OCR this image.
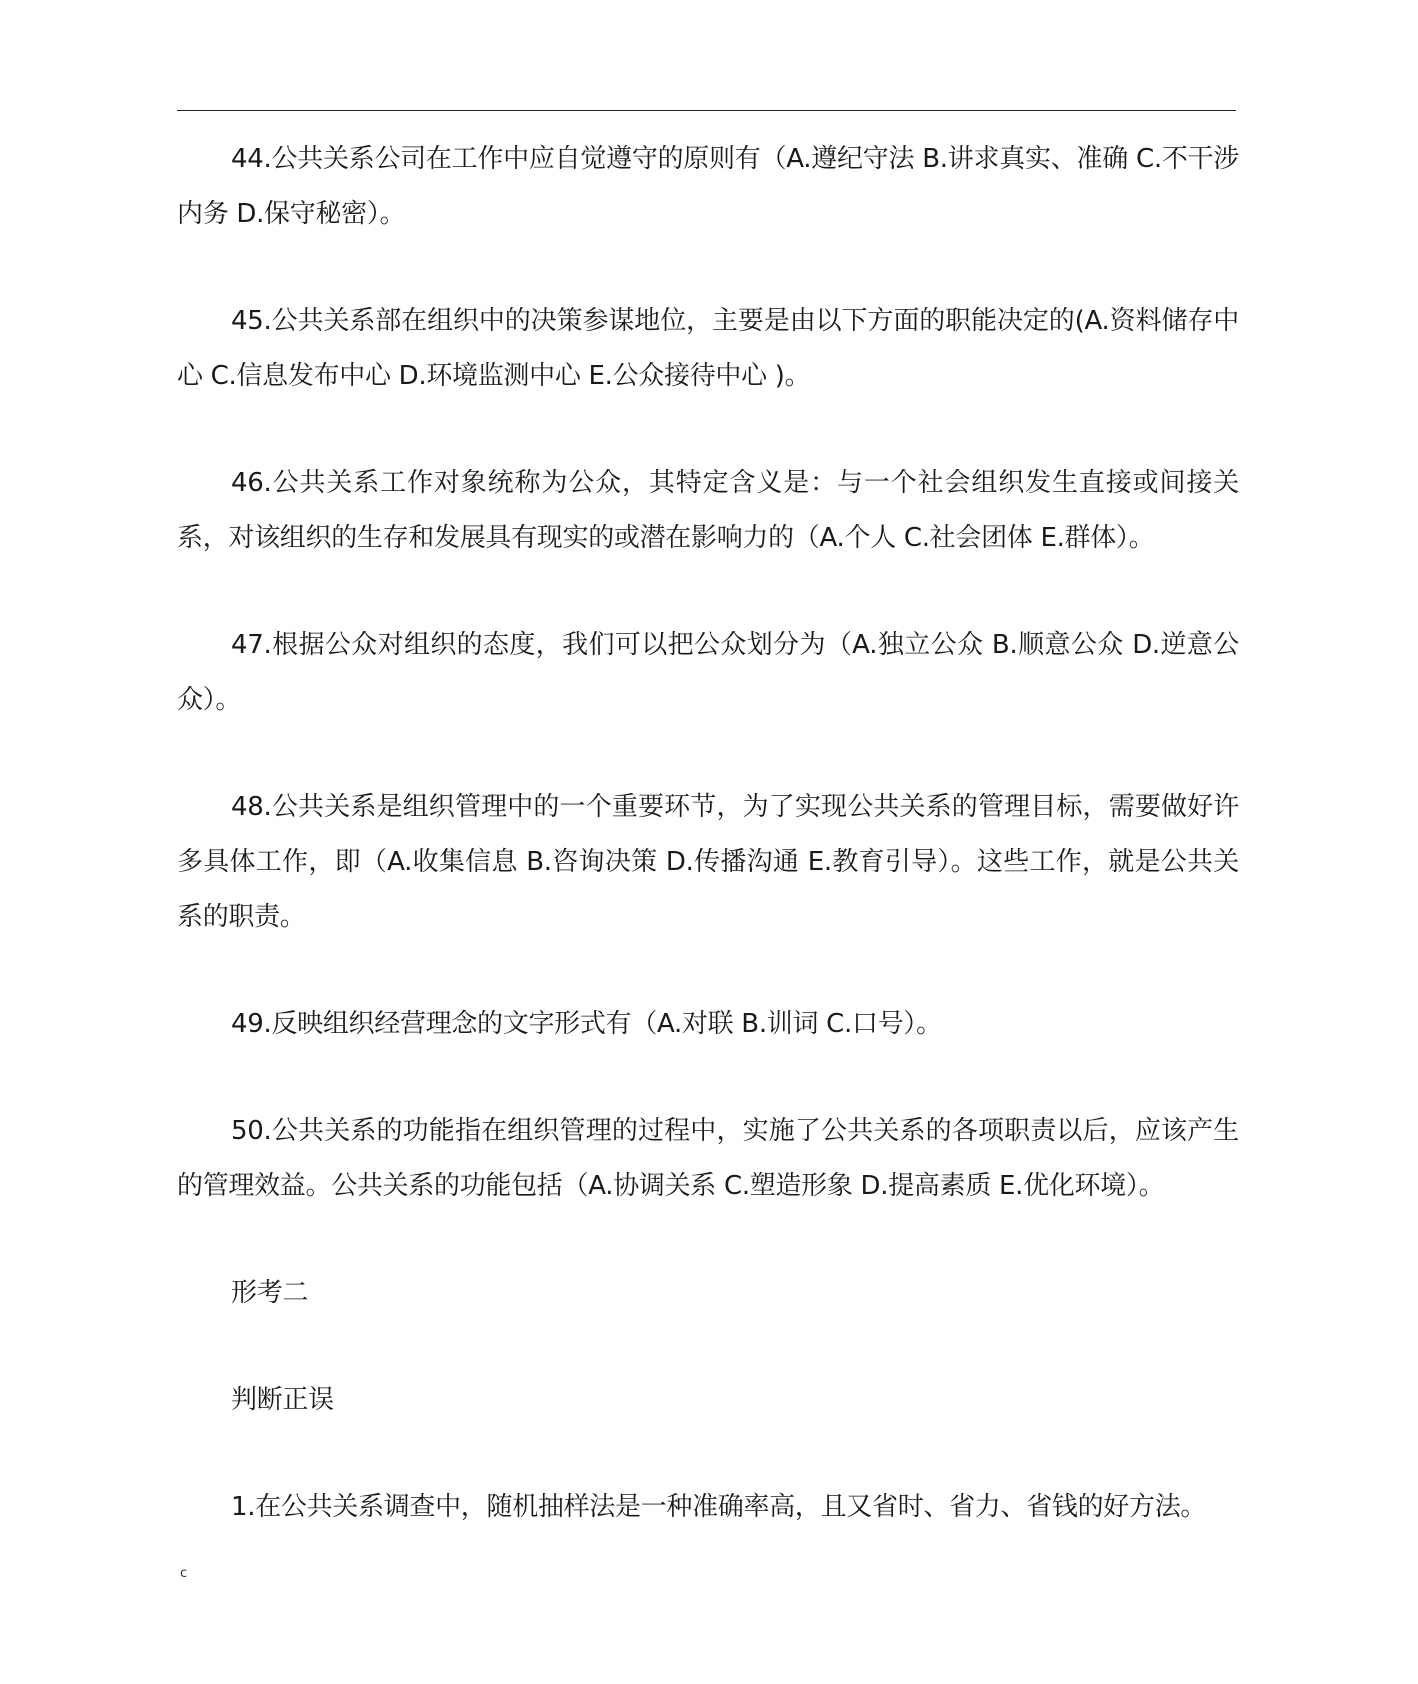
44.公共关系公司在工作中应自觉遵守的原则有（A.遵纪守法 B.讲求真实、准确 C.不干涉内务 D.保守秘密）。

45.公共关系部在组织中的决策参谋地位，主要是由以下方面的职能决定的(A.资料储存中心 C.信息发布中心 D.环境监测中心 E.公众接待中心 )。

46.公共关系工作对象统称为公众，其特定含义是：与一个社会组织发生直接或间接关系，对该组织的生存和发展具有现实的或潜在影响力的（A.个人 C.社会团体 E.群体）。

47.根据公众对组织的态度，我们可以把公众划分为（A.独立公众 B.顺意公众 D.逆意公众）。

48.公共关系是组织管理中的一个重要环节，为了实现公共关系的管理目标，需要做好许多具体工作，即（A.收集信息 B.咨询决策 D.传播沟通 E.教育引导）。这些工作，就是公共关系的职责。

49.反映组织经营理念的文字形式有（A.对联 B.训词 C.口号）。

50.公共关系的功能指在组织管理的过程中，实施了公共关系的各项职责以后，应该产生的管理效益。公共关系的功能包括（A.协调关系 C.塑造形象 D.提高素质 E.优化环境）。

形考二

判断正误

1.在公共关系调查中，随机抽样法是一种准确率高，且又省时、省力、省钱的好方法。

c
